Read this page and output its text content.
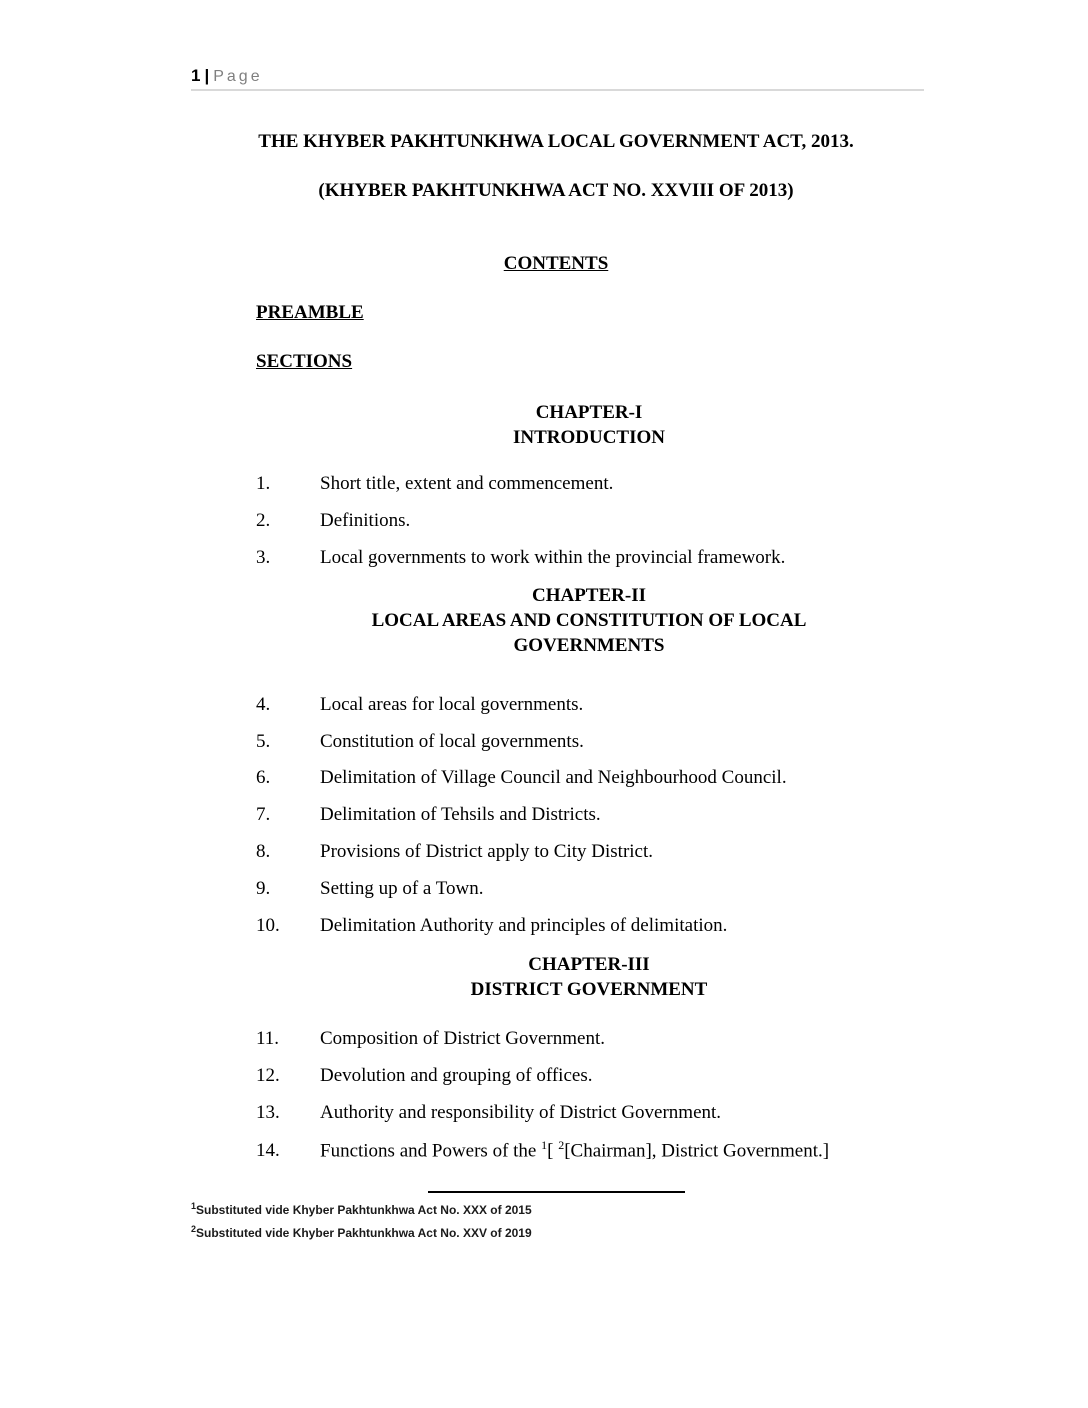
1 | Page
THE KHYBER PAKHTUNKHWA LOCAL GOVERNMENT ACT, 2013.
(KHYBER PAKHTUNKHWA ACT NO. XXVIII OF 2013)
CONTENTS
PREAMBLE
SECTIONS
CHAPTER-I
INTRODUCTION
1.	Short title, extent and commencement.
2.	Definitions.
3.	Local governments to work within the provincial framework.
CHAPTER-II
LOCAL AREAS AND CONSTITUTION OF LOCAL
GOVERNMENTS
4.	Local areas for local governments.
5.	Constitution of local governments.
6.	Delimitation of Village Council and Neighbourhood Council.
7.	Delimitation of Tehsils and Districts.
8.	Provisions of District apply to City District.
9.	Setting up of a Town.
10. Delimitation Authority and principles of delimitation.
CHAPTER-III
DISTRICT GOVERNMENT
11. Composition of District Government.
12. Devolution and grouping of offices.
13. Authority and responsibility of District Government.
14. Functions and Powers of the $^1$[ $^2$[Chairman], District Government.]
$^1$Substituted vide Khyber Pakhtunkhwa Act No. XXX of 2015
$^2$Substituted vide Khyber Pakhtunkhwa Act No. XXV of 2019
